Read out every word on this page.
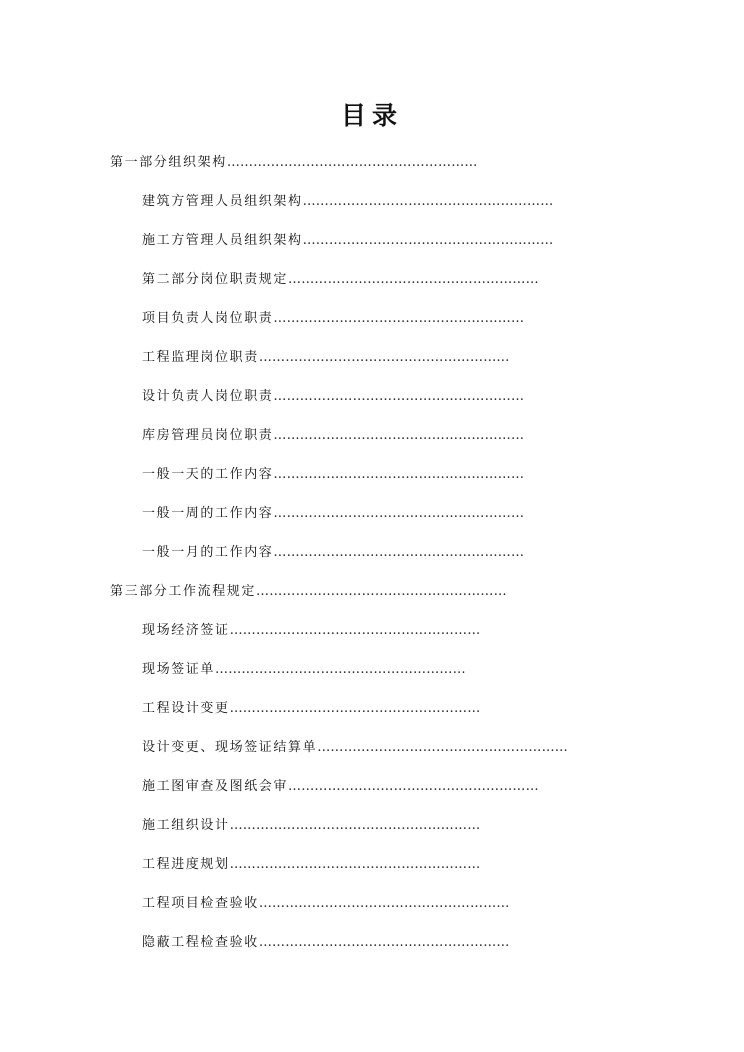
目录
第一部分组织架构…………………………………………………
建筑方管理人员组织架构…………………………………………………
施工方管理人员组织架构…………………………………………………
第二部分岗位职责规定…………………………………………………
项目负责人岗位职责…………………………………………………
工程监理岗位职责…………………………………………………
设计负责人岗位职责…………………………………………………
库房管理员岗位职责…………………………………………………
一般一天的工作内容…………………………………………………
一般一周的工作内容…………………………………………………
一般一月的工作内容…………………………………………………
第三部分工作流程规定…………………………………………………
现场经济签证…………………………………………………
现场签证单…………………………………………………
工程设计变更…………………………………………………
设计变更、现场签证结算单…………………………………………………
施工图审查及图纸会审…………………………………………………
施工组织设计…………………………………………………
工程进度规划…………………………………………………
工程项目检查验收…………………………………………………
隐蔽工程检查验收…………………………………………………
